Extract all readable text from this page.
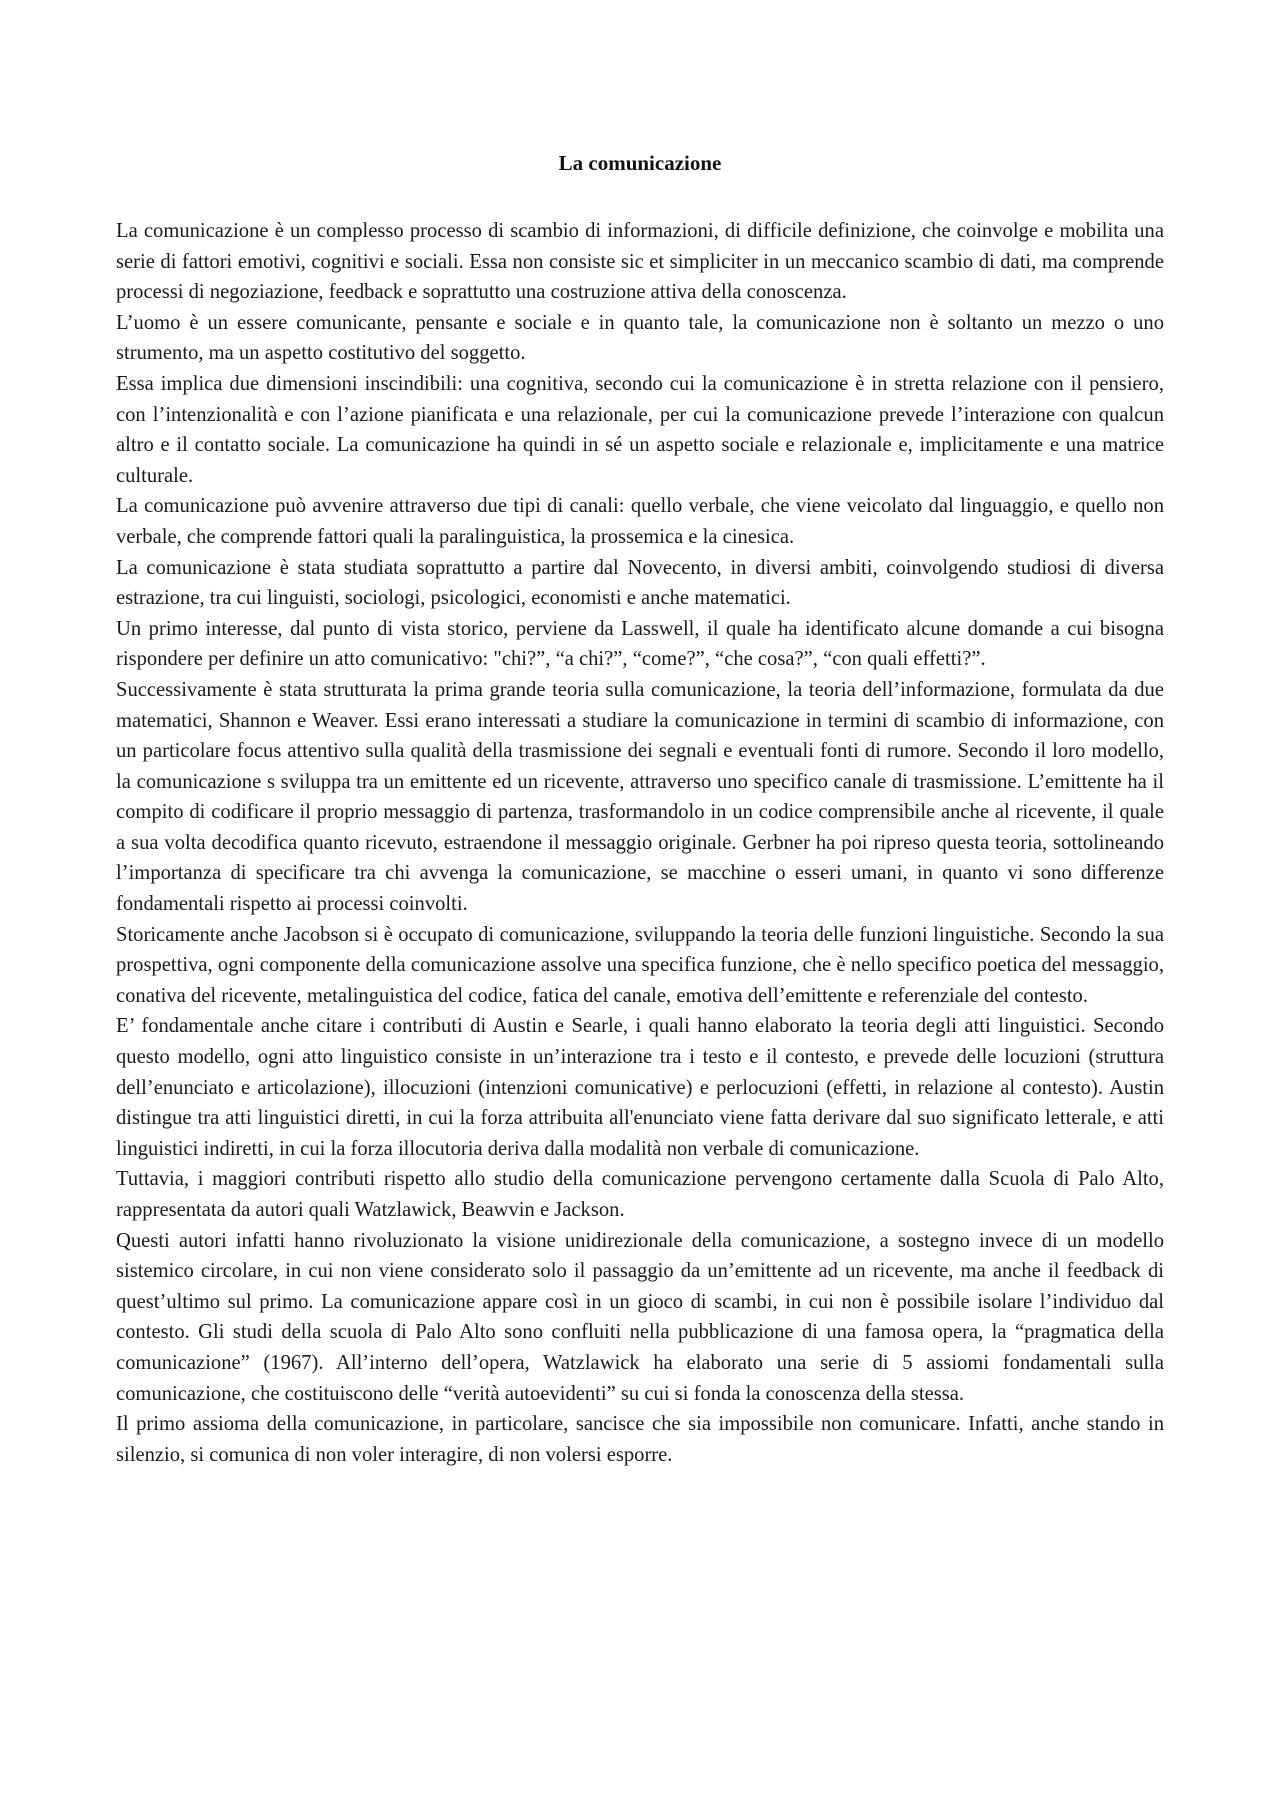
La comunicazione

La comunicazione è un complesso processo di scambio di informazioni, di difficile definizione, che coinvolge e mobilita una serie di fattori emotivi, cognitivi e sociali. Essa non consiste sic et simpliciter in un meccanico scambio di dati, ma comprende processi di negoziazione, feedback e soprattutto una costruzione attiva della conoscenza.

L’uomo è un essere comunicante, pensante e sociale e in quanto tale, la comunicazione non è soltanto un mezzo o uno strumento, ma un aspetto costitutivo del soggetto.

Essa implica due dimensioni inscindibili: una cognitiva, secondo cui la comunicazione è in stretta relazione con il pensiero, con l’intenzionalità e con l’azione pianificata e una relazionale, per cui la comunicazione prevede l’interazione con qualcun altro e il contatto sociale. La comunicazione ha quindi in sé un aspetto sociale e relazionale e, implicitamente e una matrice culturale.

La comunicazione può avvenire attraverso due tipi di canali: quello verbale, che viene veicolato dal linguaggio, e quello non verbale, che comprende fattori quali la paralinguistica, la prossemica e la cinesica.

La comunicazione è stata studiata soprattutto a partire dal Novecento, in diversi ambiti, coinvolgendo studiosi di diversa estrazione, tra cui linguisti, sociologi, psicologici, economisti e anche matematici.

Un primo interesse, dal punto di vista storico, perviene da Lasswell, il quale ha identificato alcune domande a cui bisogna rispondere per definire un atto comunicativo: "chi?”, “a chi?”, “come?”, “che cosa?”, “con quali effetti?”.

Successivamente è stata strutturata la prima grande teoria sulla comunicazione, la teoria dell’informazione, formulata da due matematici, Shannon e Weaver. Essi erano interessati a studiare la comunicazione in termini di scambio di informazione, con un particolare focus attentivo sulla qualità della trasmissione dei segnali e eventuali fonti di rumore. Secondo il loro modello, la comunicazione s sviluppa tra un emittente ed un ricevente, attraverso uno specifico canale di trasmissione. L’emittente ha il compito di codificare il proprio messaggio di partenza, trasformandolo in un codice comprensibile anche al ricevente, il quale a sua volta decodifica quanto ricevuto, estraendone il messaggio originale. Gerbner ha poi ripreso questa teoria, sottolineando l’importanza di specificare tra chi avvenga la comunicazione, se macchine o esseri umani, in quanto vi sono differenze fondamentali rispetto ai processi coinvolti.

Storicamente anche Jacobson si è occupato di comunicazione, sviluppando la teoria delle funzioni linguistiche. Secondo la sua prospettiva, ogni componente della comunicazione assolve una specifica funzione, che è nello specifico poetica del messaggio, conativa del ricevente, metalinguistica del codice, fatica del canale, emotiva dell’emittente e referenziale del contesto.

E’ fondamentale anche citare i contributi di Austin e Searle, i quali hanno elaborato la teoria degli atti linguistici. Secondo questo modello, ogni atto linguistico consiste in un’interazione tra i testo e il contesto, e prevede delle locuzioni (struttura dell’enunciato e articolazione), illocuzioni (intenzioni comunicative) e perlocuzioni (effetti, in relazione al contesto). Austin distingue tra atti linguistici diretti, in cui la forza attribuita all'enunciato viene fatta derivare dal suo significato letterale, e atti linguistici indiretti, in cui la forza illocutoria deriva dalla modalità non verbale di comunicazione.

Tuttavia, i maggiori contributi rispetto allo studio della comunicazione pervengono certamente dalla Scuola di Palo Alto, rappresentata da autori quali Watzlawick, Beawvin e Jackson.

Questi autori infatti hanno rivoluzionato la visione unidirezionale della comunicazione, a sostegno invece di un modello sistemico circolare, in cui non viene considerato solo il passaggio da un’emittente ad un ricevente, ma anche il feedback di quest’ultimo sul primo. La comunicazione appare così in un gioco di scambi, in cui non è possibile isolare l’individuo dal contesto. Gli studi della scuola di Palo Alto sono confluiti nella pubblicazione di una famosa opera, la “pragmatica della comunicazione” (1967). All’interno dell’opera, Watzlawick ha elaborato una serie di 5 assiomi fondamentali sulla comunicazione, che costituiscono delle “verità autoevidenti” su cui si fonda la conoscenza della stessa.

Il primo assioma della comunicazione, in particolare, sancisce che sia impossibile non comunicare. Infatti, anche stando in silenzio, si comunica di non voler interagire, di non volersi esporre.
